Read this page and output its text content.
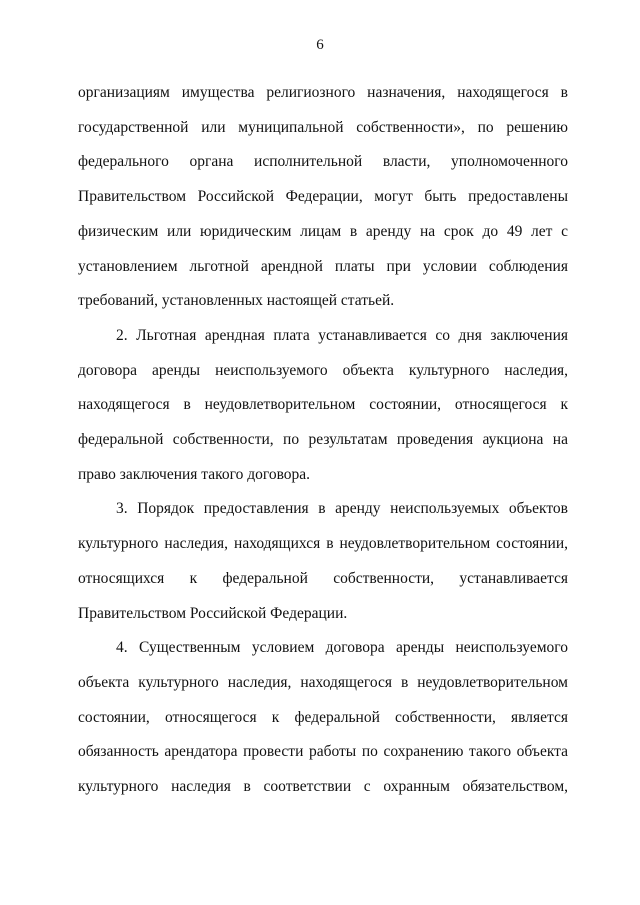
6

организациям имущества религиозного назначения, находящегося в государственной или муниципальной собственности», по решению федерального органа исполнительной власти, уполномоченного Правительством Российской Федерации, могут быть предоставлены физическим или юридическим лицам в аренду на срок до 49 лет с установлением льготной арендной платы при условии соблюдения требований, установленных настоящей статьей.

2. Льготная арендная плата устанавливается со дня заключения договора аренды неиспользуемого объекта культурного наследия, находящегося в неудовлетворительном состоянии, относящегося к федеральной собственности, по результатам проведения аукциона на право заключения такого договора.

3. Порядок предоставления в аренду неиспользуемых объектов культурного наследия, находящихся в неудовлетворительном состоянии, относящихся к федеральной собственности, устанавливается Правительством Российской Федерации.

4. Существенным условием договора аренды неиспользуемого объекта культурного наследия, находящегося в неудовлетворительном состоянии, относящегося к федеральной собственности, является обязанность арендатора провести работы по сохранению такого объекта культурного наследия в соответствии с охранным обязательством,
